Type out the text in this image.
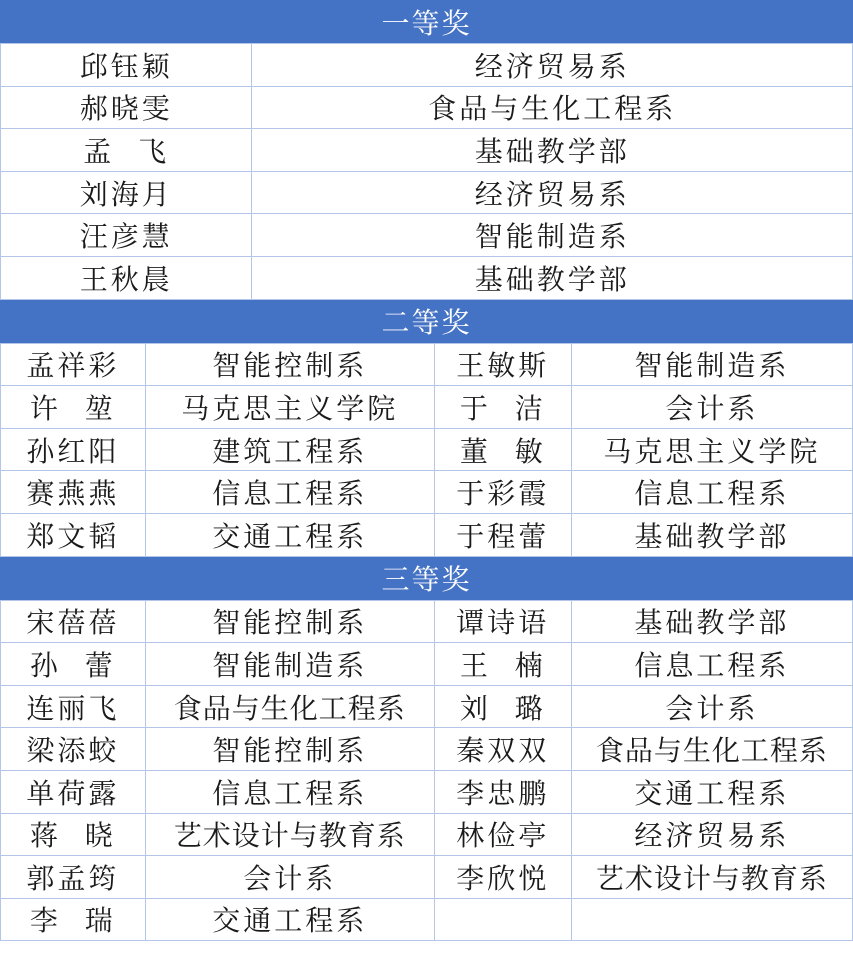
一等奖
邱钰颖	经济贸易系
郝晓雯	食品与生化工程系
孟  飞	基础教学部
刘海月	经济贸易系
汪彦慧	智能制造系
王秋晨	基础教学部
二等奖
孟祥彩	智能控制系	王敏斯	智能制造系
许  堃	马克思主义学院	于  洁	会计系
孙红阳	建筑工程系	董  敏	马克思主义学院
赛燕燕	信息工程系	于彩霞	信息工程系
郑文韬	交通工程系	于程蕾	基础教学部
三等奖
宋蓓蓓	智能控制系	谭诗语	基础教学部
孙  蕾	智能制造系	王  楠	信息工程系
连丽飞	食品与生化工程系	刘  璐	会计系
梁添蛟	智能控制系	秦双双	食品与生化工程系
单荷露	信息工程系	李忠鹏	交通工程系
蒋  晓	艺术设计与教育系	林俭亭	经济贸易系
郭孟筠	会计系	李欣悦	艺术设计与教育系
李  瑞	交通工程系
